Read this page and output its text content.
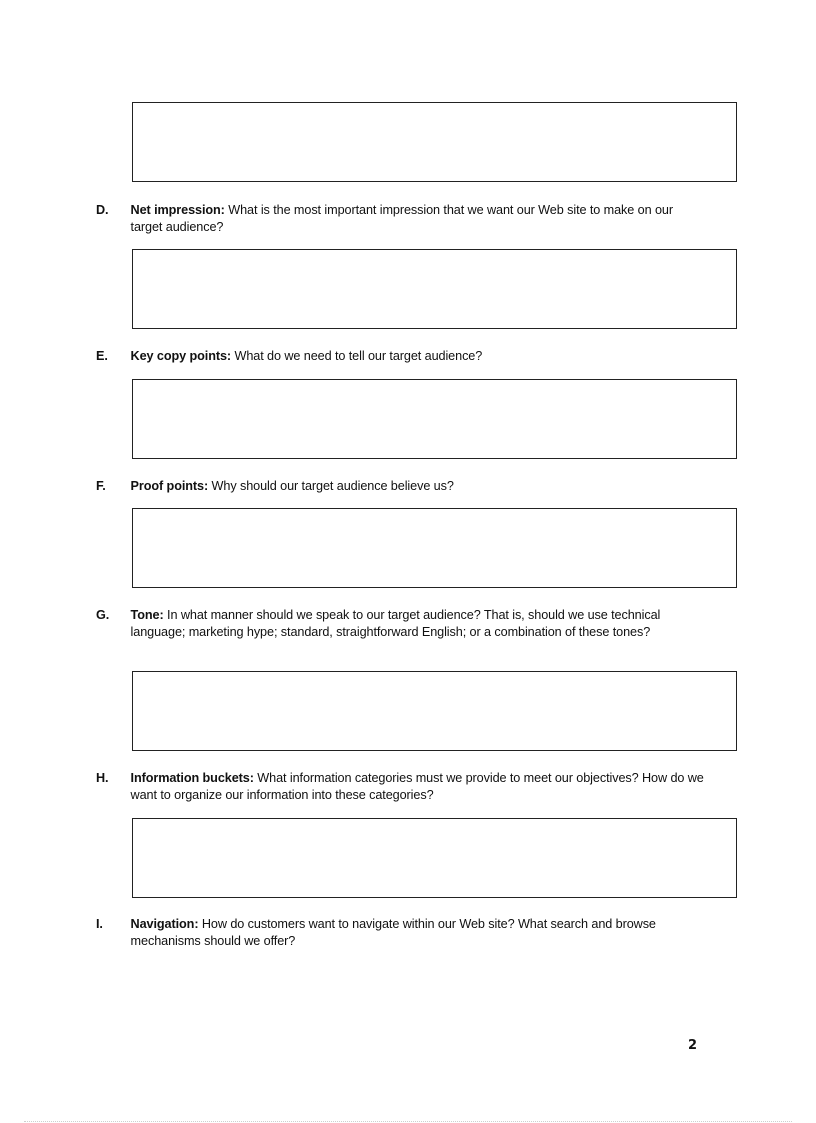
D.	Net impression: What is the most important impression that we want our Web site to make on our target audience?
E.	Key copy points: What do we need to tell our target audience?
F.	Proof points: Why should our target audience believe us?
G.	Tone: In what manner should we speak to our target audience? That is, should we use technical language; marketing hype; standard, straightforward English; or a combination of these tones?
H.	Information buckets: What information categories must we provide to meet our objectives? How do we want to organize our information into these categories?
I.	Navigation: How do customers want to navigate within our Web site? What search and browse mechanisms should we offer?
2
